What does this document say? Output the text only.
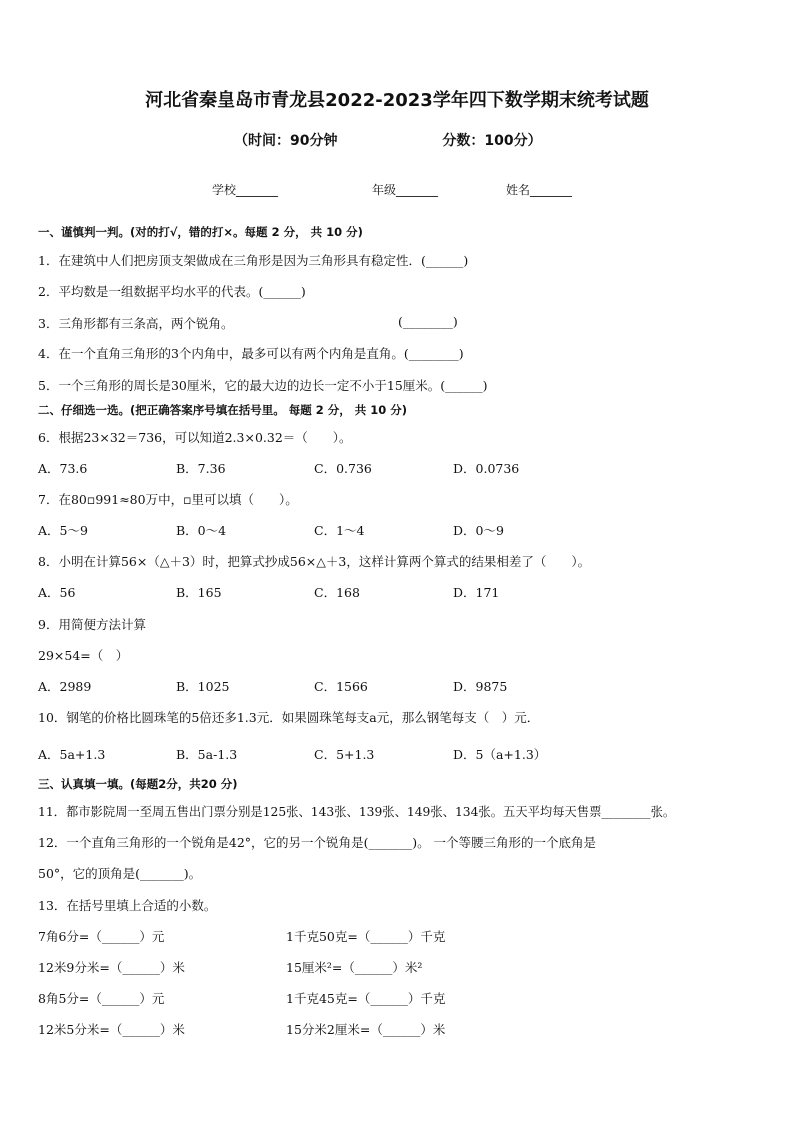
河北省秦皇岛市青龙县2022-2023学年四下数学期末统考试题
（时间：90分钟	分数：100分）
学校_______	年级_______	姓名_______
一、谨慎判一判。(对的打√，错的打×。每题 2 分， 共 10 分)
1．在建筑中人们把房顶支架做成在三角形是因为三角形具有稳定性．(______)
2．平均数是一组数据平均水平的代表。(______)
3．三角形都有三条高，两个锐角。	(________)
4．在一个直角三角形的3个内角中，最多可以有两个内角是直角。(________)
5．一个三角形的周长是30厘米，它的最大边的边长一定不小于15厘米。(______)
二、仔细选一选。(把正确答案序号填在括号里。 每题 2 分， 共 10 分)
6．根据23×32＝736，可以知道2.3×0.32＝（　　）。
A．73.6	B．7.36	C．0.736	D．0.0736
7．在80▫991≈80万中，▫里可以填（　　）。
A．5～9	B．0～4	C．1～4	D．0～9
8．小明在计算56×（△＋3）时，把算式抄成56×△＋3，这样计算两个算式的结果相差了（　　）。
A．56	B．165	C．168	D．171
9．用简便方法计算
29×54=（　）
A．2989	B．1025	C．1566	D．9875
10．钢笔的价格比圆珠笔的5倍还多1.3元．如果圆珠笔每支a元，那么钢笔每支（　）元．
A．5a+1.3	B．5a-1.3	C．5+1.3	D．5（a+1.3）
三、认真填一填。(每题2分，共20 分)
11．都市影院周一至周五售出门票分别是125张、143张、139张、149张、134张。五天平均每天售票________张。
12．一个直角三角形的一个锐角是42°，它的另一个锐角是(_______)。 一个等腰三角形的一个底角是
50°，它的顶角是(_______)。
13．在括号里填上合适的小数。
7角6分=（______）元	1千克50克=（______）千克
12米9分米=（______）米	15厘米²=（______）米²
8角5分=（______）元	1千克45克=（______）千克
12米5分米=（______）米	15分米2厘米=（______）米
